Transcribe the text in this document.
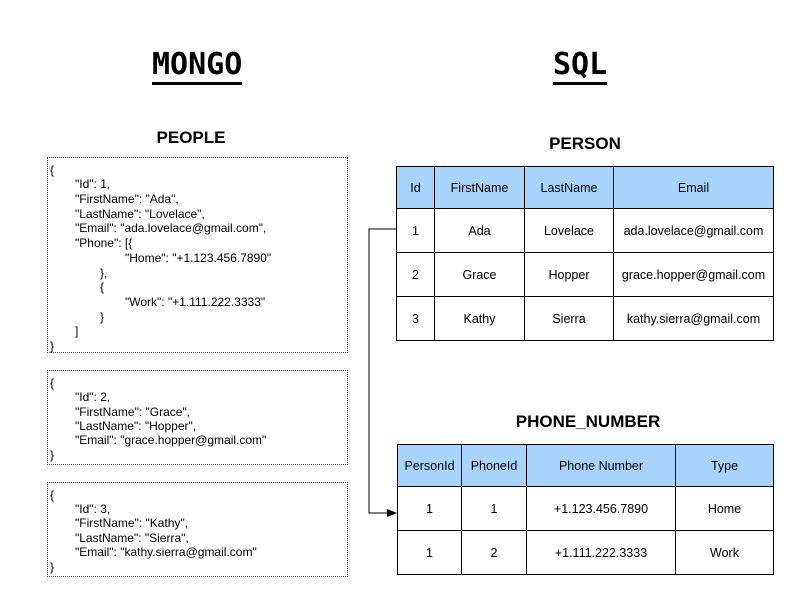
MONGO	SQL
PEOPLE
{
"Id": 1,
"FirstName": "Ada",
"LastName": "Lovelace",
"Email": "ada.lovelace@gmail.com",
"Phone": [{
"Home": "+1.123.456.7890"
},
{
"Work": "+1.111.222.3333"
}
]
}
{
"Id": 2,
"FirstName": "Grace",
"LastName": "Hopper",
"Email": "grace.hopper@gmail.com"
}
{
"Id": 3,
"FirstName": "Kathy",
"LastName": "Sierra",
"Email": "kathy.sierra@gmail.com"
}
PERSON
Id	FirstName	LastName	Email
1	Ada	Lovelace	ada.lovelace@gmail.com
2	Grace	Hopper	grace.hopper@gmail.com
3	Kathy	Sierra	kathy.sierra@gmail.com
PHONE_NUMBER
PersonId	PhoneId	Phone Number	Type
1	1	+1.123.456.7890	Home
1	2	+1.111.222.3333	Work
